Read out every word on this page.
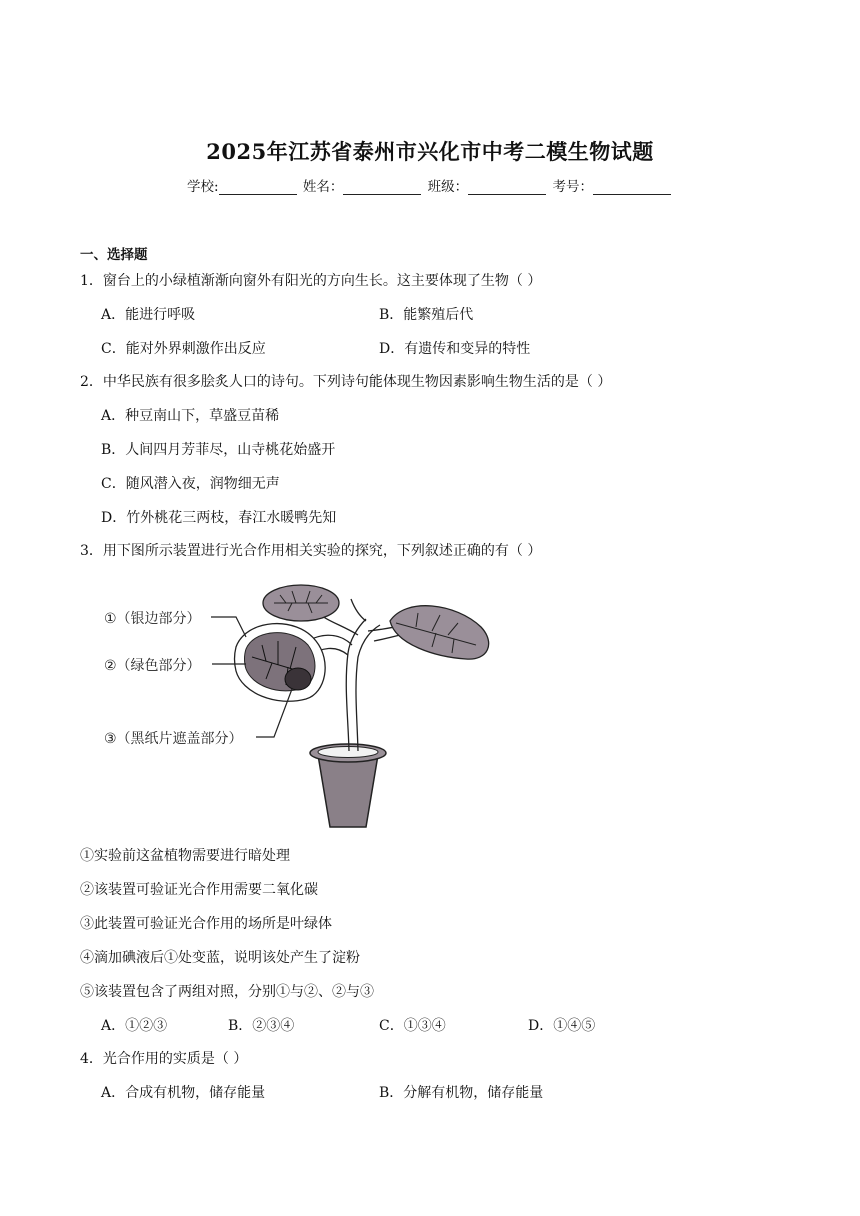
2025年江苏省泰州市兴化市中考二模生物试题
学校:	姓名：	班级：	考号：
一、选择题
1．窗台上的小绿植渐渐向窗外有阳光的方向生长。这主要体现了生物（ ）
A．能进行呼吸	B．能繁殖后代
C．能对外界刺激作出反应	D．有遗传和变异的特性
2．中华民族有很多脍炙人口的诗句。下列诗句能体现生物因素影响生物生活的是（ ）
A．种豆南山下，草盛豆苗稀
B．人间四月芳菲尽，山寺桃花始盛开
C．随风潜入夜，润物细无声
D．竹外桃花三两枝，春江水暖鸭先知
3．用下图所示装置进行光合作用相关实验的探究，下列叙述正确的有（ ）
①（银边部分）
②（绿色部分）
③（黑纸片遮盖部分）
①实验前这盆植物需要进行暗处理
②该装置可验证光合作用需要二氧化碳
③此装置可验证光合作用的场所是叶绿体
④滴加碘液后①处变蓝，说明该处产生了淀粉
⑤该装置包含了两组对照，分别①与②、②与③
A．①②③	B．②③④	C．①③④	D．①④⑤
4．光合作用的实质是（ ）
A．合成有机物，储存能量	B．分解有机物，储存能量
